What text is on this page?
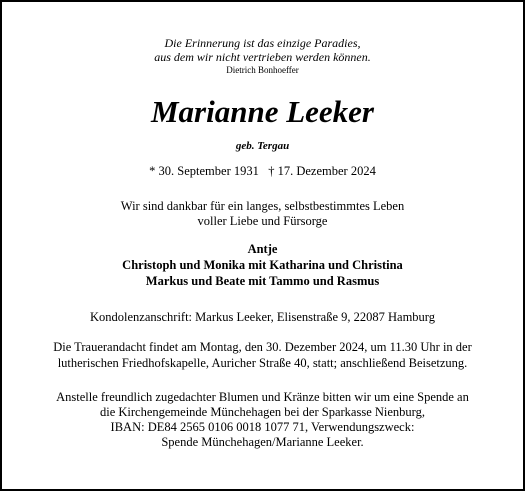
Die Erinnerung ist das einzige Paradies,
aus dem wir nicht vertrieben werden können.
Dietrich Bonhoeffer
Marianne Leeker
geb. Tergau
* 30. September 1931   † 17. Dezember 2024
Wir sind dankbar für ein langes, selbstbestimmtes Leben
voller Liebe und Fürsorge
Antje
Christoph und Monika mit Katharina und Christina
Markus und Beate mit Tammo und Rasmus
Kondolenzanschrift: Markus Leeker, Elisenstraße 9, 22087 Hamburg
Die Trauerandacht findet am Montag, den 30. Dezember 2024, um 11.30 Uhr in der
lutherischen Friedhofskapelle, Auricher Straße 40, statt; anschließend Beisetzung.
Anstelle freundlich zugedachter Blumen und Kränze bitten wir um eine Spende an
die Kirchengemeinde Münchehagen bei der Sparkasse Nienburg,
IBAN: DE84 2565 0106 0018 1077 71, Verwendungszweck:
Spende Münchehagen/Marianne Leeker.
